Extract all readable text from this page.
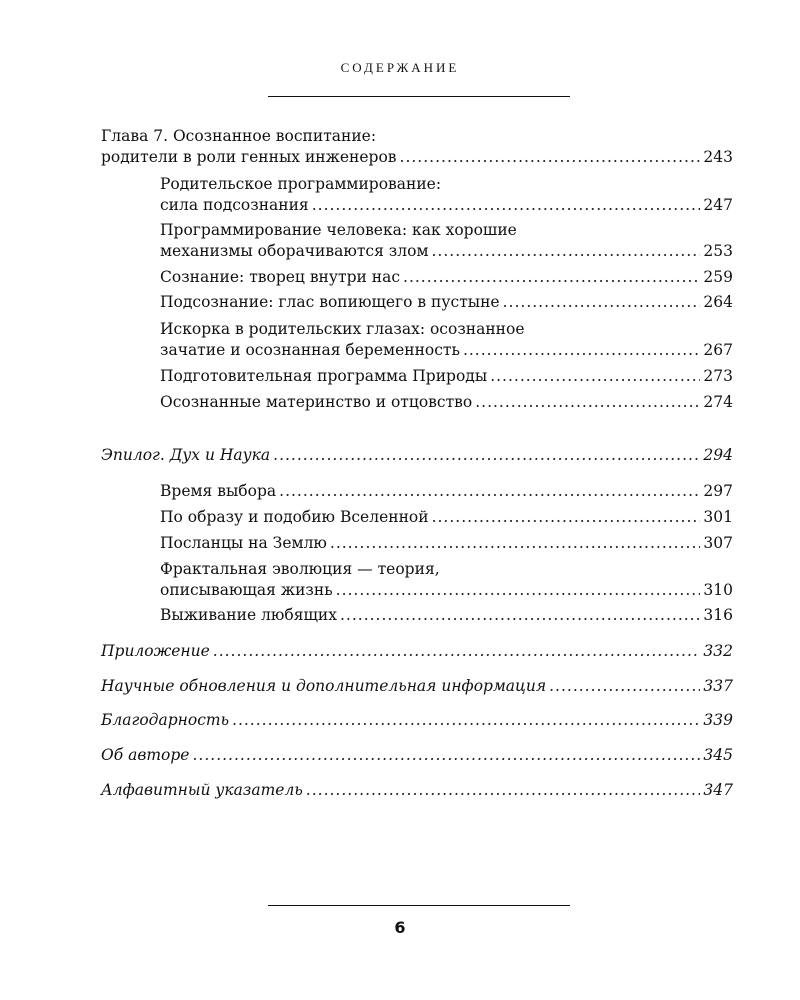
СОДЕРЖАНИЕ
Глава 7. Осознанное воспитание:
родители в роли генных инженеров .....	243
Родительское программирование:
сила подсознания .....	247
Программирование человека: как хорошие
механизмы оборачиваются злом .....	253
Сознание: творец внутри нас .....	259
Подсознание: глас вопиющего в пустыне .....	264
Искорка в родительских глазах: осознанное
зачатие и осознанная беременность .....	267
Подготовительная программа Природы .....	273
Осознанные материнство и отцовство .....	274
Эпилог. Дух и Наука .....	294
Время выбора .....	297
По образу и подобию Вселенной .....	301
Посланцы на Землю .....	307
Фрактальная эволюция — теория,
описывающая жизнь .....	310
Выживание любящих .....	316
Приложение .....	332
Научные обновления и дополнительная информация .....	337
Благодарность .....	339
Об авторе .....	345
Алфавитный указатель .....	347
6
